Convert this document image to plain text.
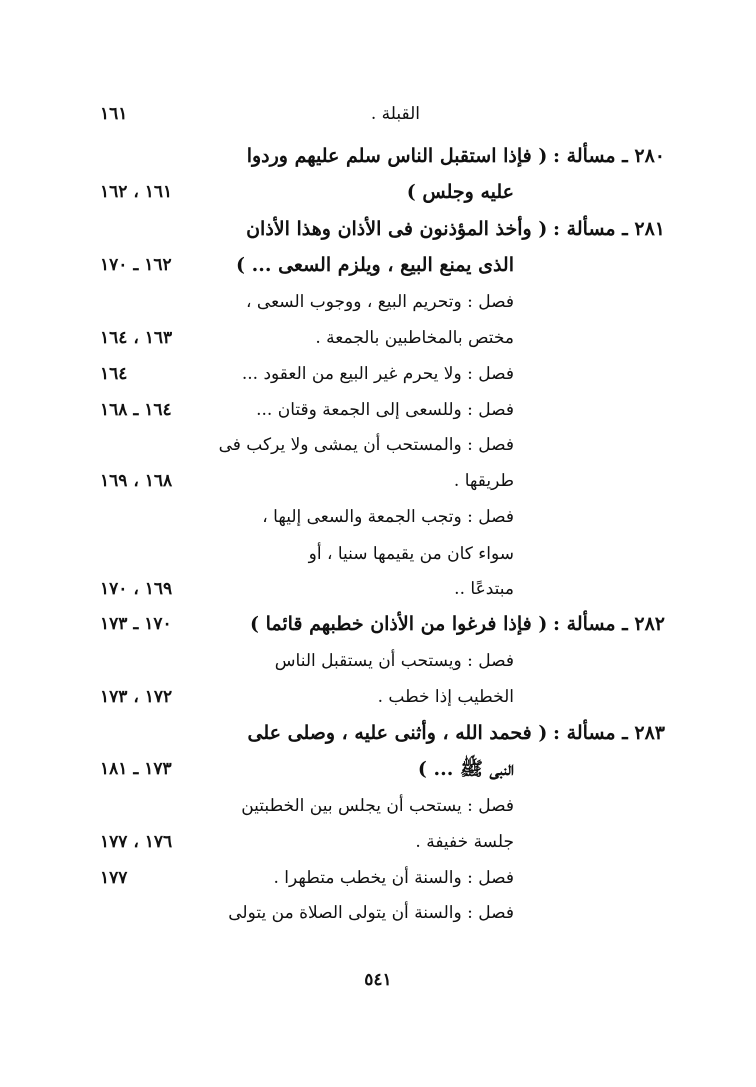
القبلة .
١٦١
٢٨٠ ـ مسألة : ( فإذا استقبل الناس سلم عليهم وردوا
عليه وجلس )
١٦١ ، ١٦٢
٢٨١ ـ مسألة : ( وأخذ المؤذنون فى الأذان وهذا الأذان
الذى يمنع البيع ، ويلزم السعى ... )
١٦٢ ـ ١٧٠
فصل : وتحريم البيع ، ووجوب السعى ،
مختص بالمخاطبين بالجمعة .
١٦٣ ، ١٦٤
فصل : ولا يحرم غير البيع من العقود ...
١٦٤
فصل : وللسعى إلى الجمعة وقتان ...
١٦٤ ـ ١٦٨
فصل : والمستحب أن يمشى ولا يركب فى
طريقها .
١٦٨ ، ١٦٩
فصل : وتجب الجمعة والسعى إليها ،
سواء كان من يقيمها سنيا ، أو
مبتدعًا ..
١٦٩ ، ١٧٠
٢٨٢ ـ مسألة : ( فإذا فرغوا من الأذان خطبهم قائما )
١٧٠ ـ ١٧٣
فصل : ويستحب أن يستقبل الناس
الخطيب إذا خطب .
١٧٢ ، ١٧٣
٢٨٣ ـ مسألة : ( فحمد الله ، وأثنى عليه ، وصلى على
النبى ﷺ ... )
١٧٣ ـ ١٨١
فصل : يستحب أن يجلس بين الخطبتين
جلسة خفيفة .
١٧٦ ، ١٧٧
فصل : والسنة أن يخطب متطهرا .
١٧٧
فصل : والسنة أن يتولى الصلاة من يتولى
٥٤١
